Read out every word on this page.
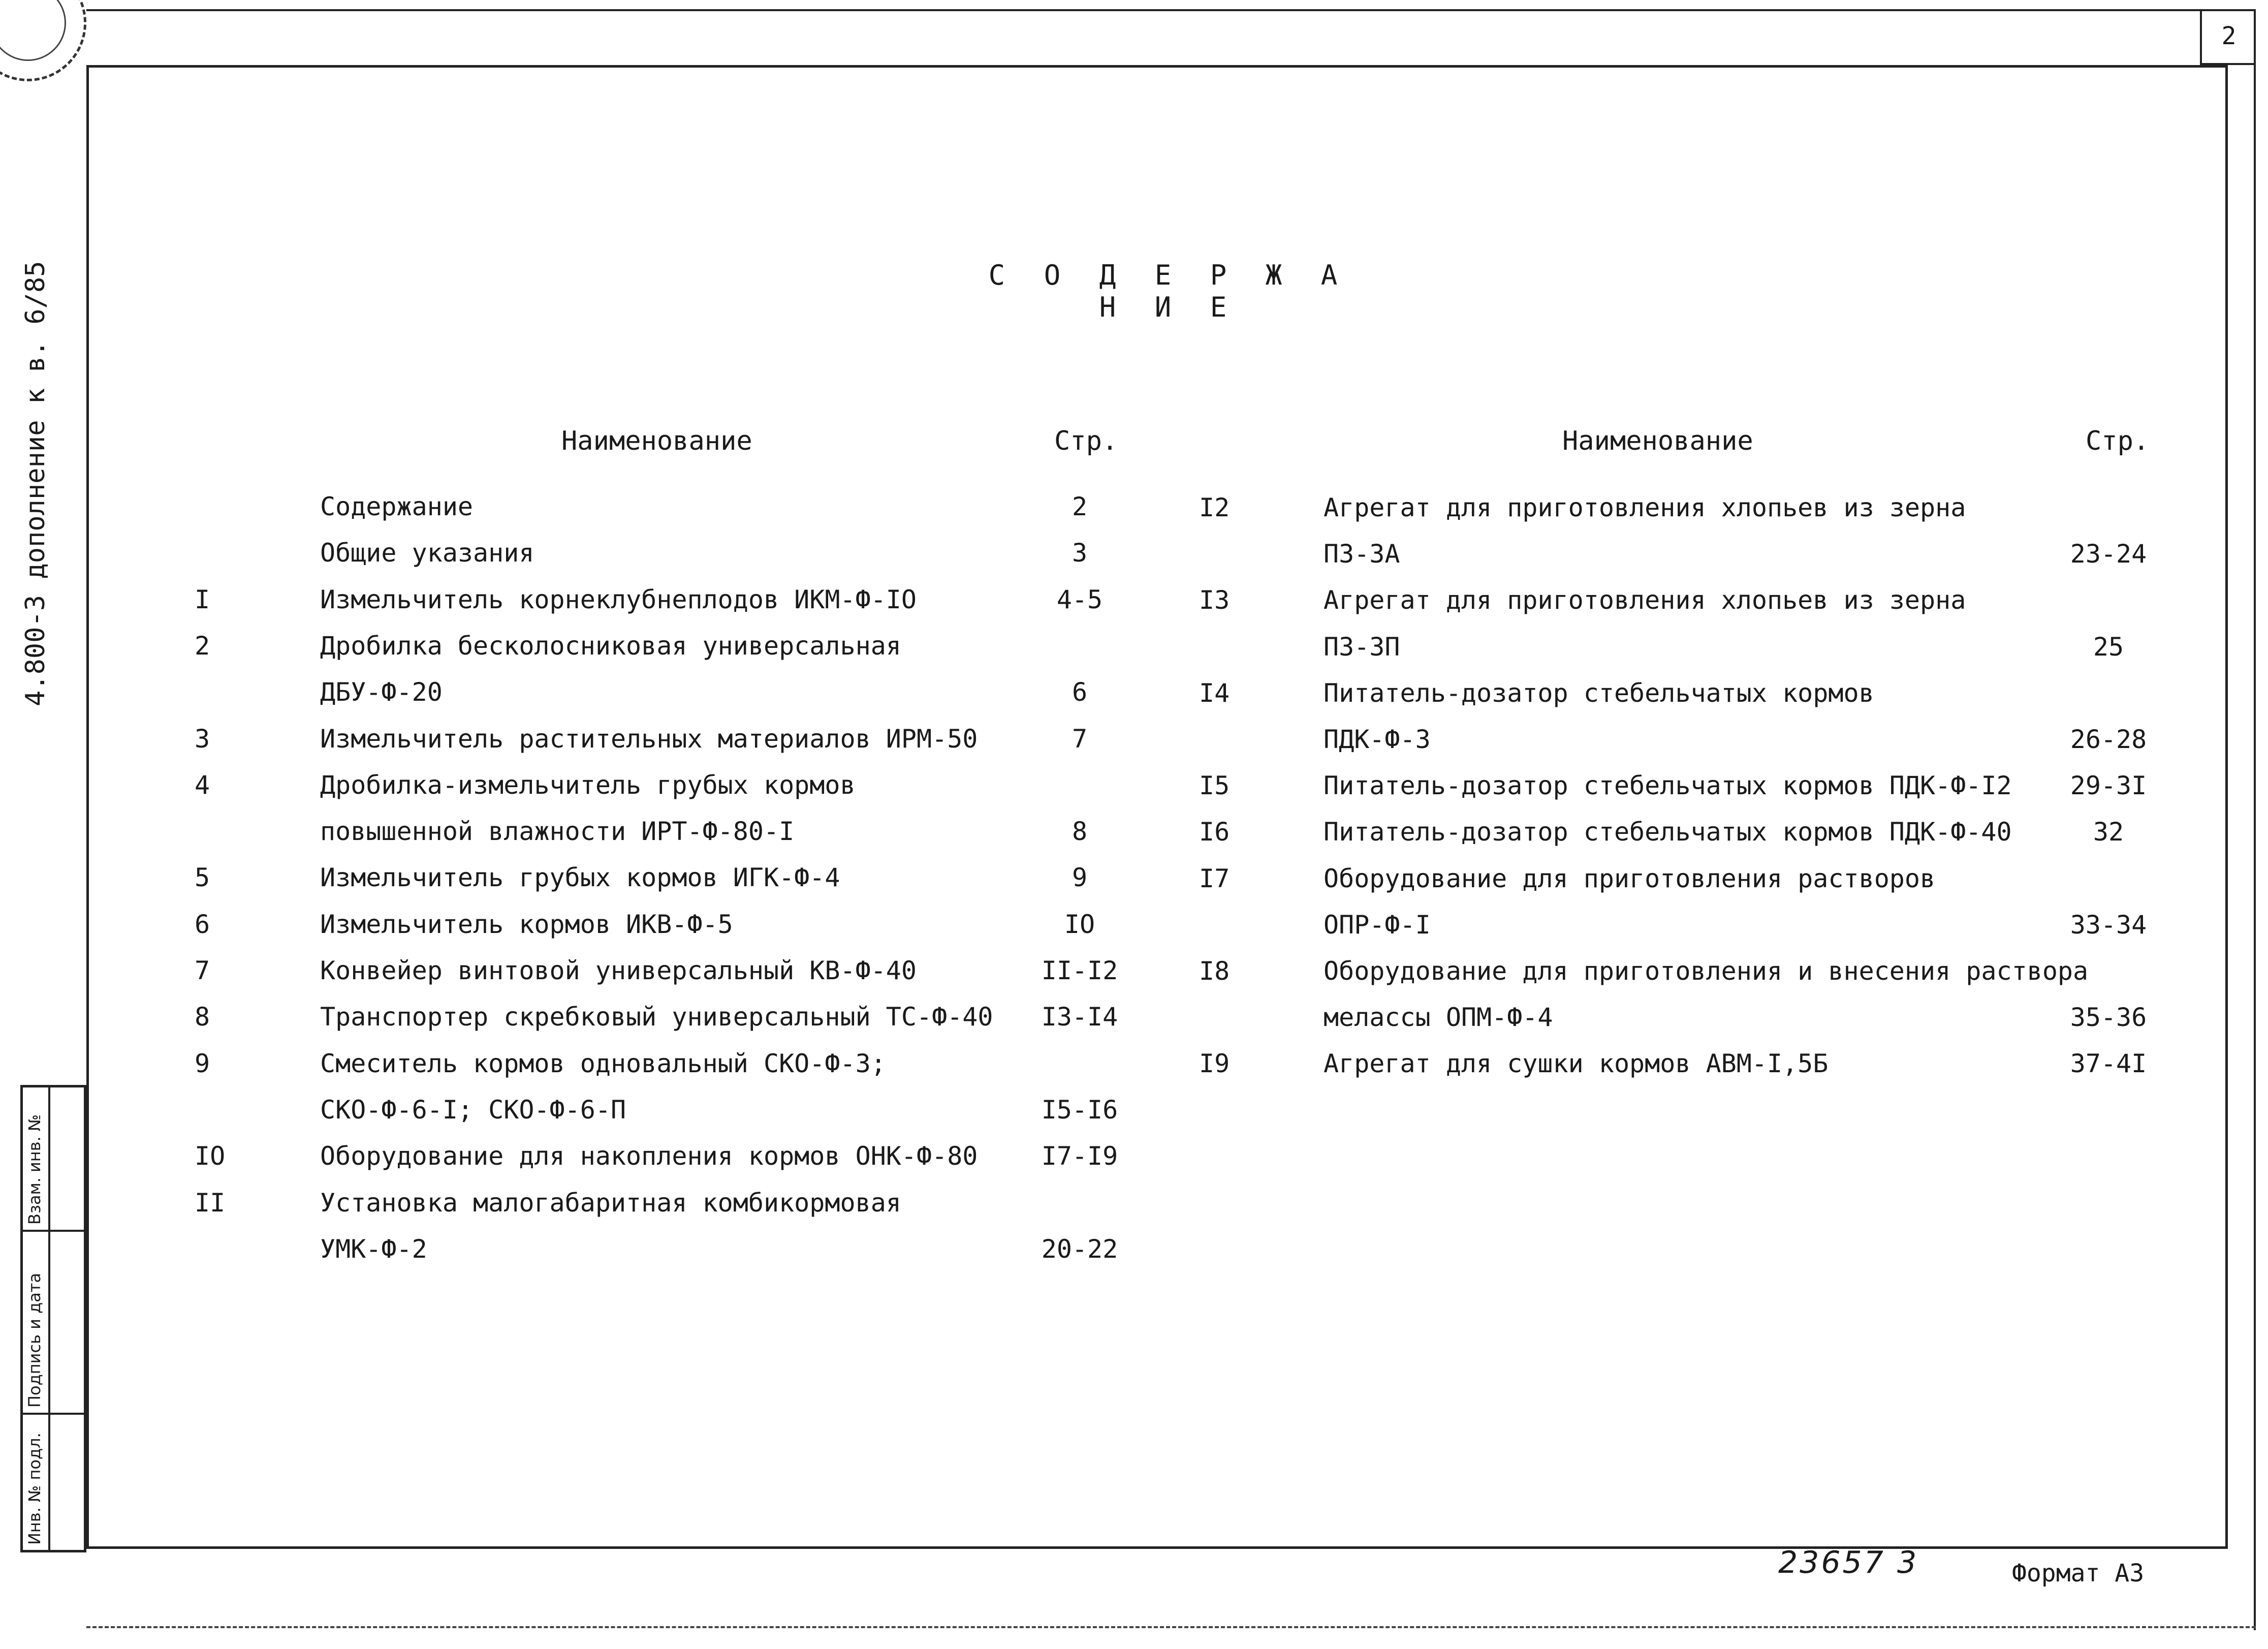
2
4.800-3 дополнение к в. 6/85	С О Д Е Р Ж А Н И Е
Наименование	Стр.	Наименование	Стр.
Содержание	2
Общие указания	3
I	Измельчитель корнеклубнеплодов ИКМ-Ф-IO	4-5
2	Дробилка бесколосниковая универсальная
ДБУ-Ф-20	6
3	Измельчитель растительных материалов ИРМ-50	7
4	Дробилка-измельчитель грубых кормов
повышенной влажности ИРТ-Ф-80-I	8
5	Измельчитель грубых кормов ИГК-Ф-4	9
6	Измельчитель кормов ИКВ-Ф-5	IO
7	Конвейер винтовой универсальный КВ-Ф-40	II-I2
8	Транспортер скребковый универсальный ТС-Ф-40	I3-I4
9	Смеситель кормов одновальный СКО-Ф-3;
СКО-Ф-6-I; СКО-Ф-6-П	I5-I6
IO	Оборудование для накопления кормов ОНК-Ф-80	I7-I9
II	Установка малогабаритная комбикормовая
УМК-Ф-2	20-22
I2	Агрегат для приготовления хлопьев из зерна
ПЗ-3А	23-24
I3	Агрегат для приготовления хлопьев из зерна
ПЗ-3П	25
I4	Питатель-дозатор стебельчатых кормов
ПДК-Ф-3	26-28
I5	Питатель-дозатор стебельчатых кормов ПДК-Ф-I2	29-3I
I6	Питатель-дозатор стебельчатых кормов ПДК-Ф-40	32
I7	Оборудование для приготовления растворов
ОПР-Ф-I	33-34
I8	Оборудование для приготовления и внесения раствора
мелассы ОПМ-Ф-4	35-36
I9	Агрегат для сушки кормов АВМ-I,5Б	37-4I
Взам. инв. №
Подпись и дата
Инв. № подл.
23657 3	Формат А3
